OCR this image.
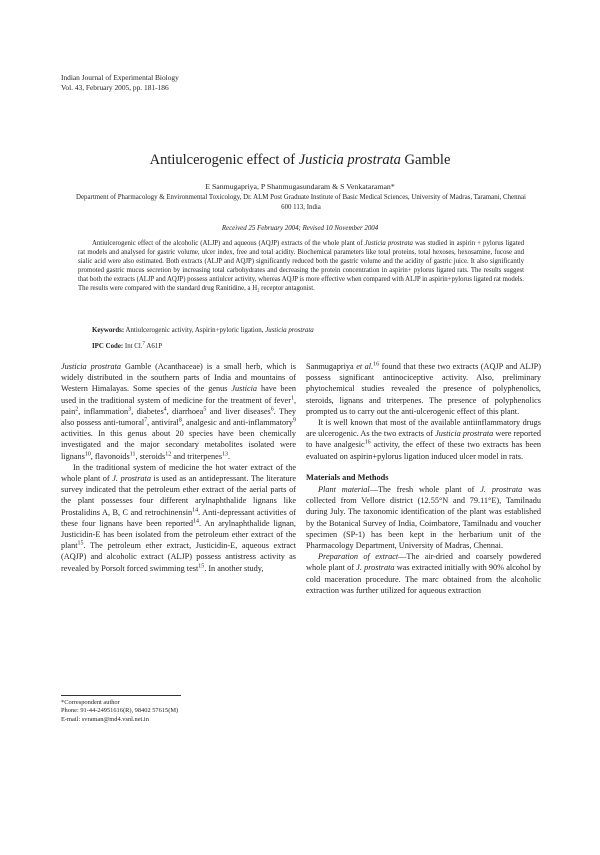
Indian Journal of Experimental Biology
Vol. 43, February 2005, pp. 181-186
Antiulcerogenic effect of Justicia prostrata Gamble
E Sanmugapriya, P Shanmugasundaram & S Venkataraman*
Department of Pharmacology & Environmental Toxicology, Dr. ALM Post Graduate Institute of Basic Medical Sciences, University of Madras, Taramani, Chennai 600 113, India
Received 25 February 2004; Revised 10 November 2004

Antiulcerogenic effect of the alcoholic (ALJP) and aqueous (AQJP) extracts of the whole plant of Justicia prostrata was studied in aspirin + pylorus ligated rat models and analysed for gastric volume, ulcer index, free and total acidity. Biochemical parameters like total proteins, total hexoses, hexosamine, fucose and sialic acid were also estimated. Both extracts (ALJP and AQJP) significantly reduced both the gastric volume and the acidity of gastric juice. It also significantly promoted gastric mucus secretion by increasing total carbohydrates and decreasing the protein concentration in aspirin+ pylorus ligated rats. The results suggest that both the extracts (ALJP and AQJP) possess antiulcer activity, whereas AQJP is more effective when compared with ALJP in aspirin+pylorus ligated rat models. The results were compared with the standard drug Ranitidine, a H₂ receptor antagonist.

Keywords: Antiulcerogenic activity, Aspirin+pyloric ligation, Justicia prostrata
IPC Code: Int Cl.$^7$ A61P

Justicia prostrata Gamble (Acanthaceae) is a small herb, which is widely distributed in the southern parts of India and mountains of Western Himalayas. Some species of the genus Justicia have been used in the traditional system of medicine for the treatment of fever$^1$, pain$^2$, inflammation$^3$, diabetes$^4$, diarrhoea$^5$ and liver diseases$^6$. They also possess anti-tumoral$^7$, antiviral$^8$, analgesic and anti-inflammatory$^9$ activities. In this genus about 20 species have been chemically investigated and the major secondary metabolites isolated were lignans$^{10}$, flavonoids$^{11}$, steroids$^{12}$ and triterpenes$^{13}$.

In the traditional system of medicine the hot water extract of the whole plant of J. prostrata is used as an antidepressant. The literature survey indicated that the petroleum ether extract of the aerial parts of the plant possesses four different arylnaphthalide lignans like Prostalidins A, B, C and retrochinensin$^{14}$. Anti-depressant activities of these four lignans have been reported$^{14}$. An arylnaphthalide lignan, Justicidin-E has been isolated from the petroleum ether extract of the plant$^{15}$. The petroleum ether extract, Justicidin-E, aqueous extract (AQJP) and alcoholic extract (ALJP) possess antistress activity as revealed by Porsolt forced swimming test$^{15}$. In another study,

Sanmugapriya et al.$^{16}$ found that these two extracts (AQJP and ALJP) possess significant antinociceptive activity. Also, preliminary phytochemical studies revealed the presence of polyphenolics, steroids, lignans and triterpenes. The presence of polyphenolics prompted us to carry out the anti-ulcerogenic effect of this plant.

It is well known that most of the available antiinflammatory drugs are ulcerogenic. As the two extracts of Justicia prostrata were reported to have analgesic$^{16}$ activity, the effect of these two extracts has been evaluated on aspirin+pylorus ligation induced ulcer model in rats.

Materials and Methods

Plant material—The fresh whole plant of J. prostrata was collected from Vellore district (12.55°N and 79.11°E), Tamilnadu during July. The taxonomic identification of the plant was established by the Botanical Survey of India, Coimbatore, Tamilnadu and voucher specimen (SP-1) has been kept in the herbarium unit of the Pharmacology Department, University of Madras, Chennai.

Preparation of extract—The air-dried and coarsely powdered whole plant of J. prostrata was extracted initially with 90% alcohol by cold maceration procedure. The marc obtained from the alcoholic extraction was further utilized for aqueous extraction

*Correspondent author
Phone: 91-44-24951616(R), 98402 57615(M)
E-mail: svraman@md4.vsnl.net.in
